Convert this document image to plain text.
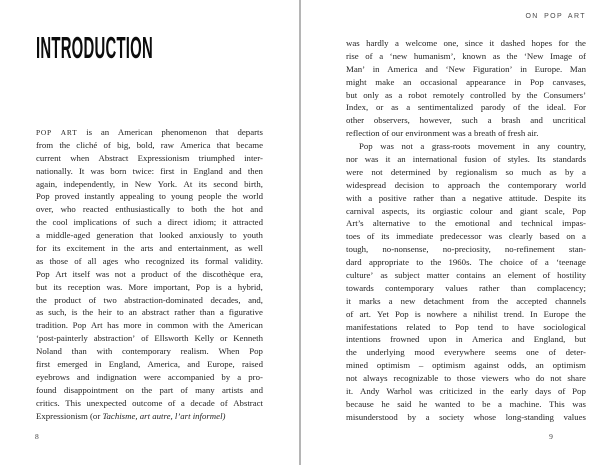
INTRODUCTION
POP ART is an American phenomenon that departs
from the cliché of big, bold, raw America that became
current when Abstract Expressionism triumphed inter-
nationally. It was born twice: first in England and then
again, independently, in New York. At its second birth,
Pop proved instantly appealing to young people the world
over, who reacted enthusiastically to both the hot and
the cool implications of such a direct idiom; it attracted
a middle-aged generation that looked anxiously to youth
for its excitement in the arts and entertainment, as well
as those of all ages who recognized its formal validity.
Pop Art itself was not a product of the discothèque era,
but its reception was. More important, Pop is a hybrid,
the product of two abstraction-dominated decades, and,
as such, is the heir to an abstract rather than a figurative
tradition. Pop Art has more in common with the American
‘post-painterly abstraction’ of Ellsworth Kelly or Kenneth
Noland than with contemporary realism. When Pop
first emerged in England, America, and Europe, raised
eyebrows and indignation were accompanied by a pro-
found disappointment on the part of many artists and
critics. This unexpected outcome of a decade of Abstract
Expressionism (or Tachisme, art autre, l’art informel)
8
ON POP ART
was hardly a welcome one, since it dashed hopes for the
rise of a ‘new humanism’, known as the ‘New Image of
Man’ in America and ‘New Figuration’ in Europe. Man
might make an occasional appearance in Pop canvases,
but only as a robot remotely controlled by the Consumers’
Index, or as a sentimentalized parody of the ideal. For
other observers, however, such a brash and uncritical
reflection of our environment was a breath of fresh air.
Pop was not a grass-roots movement in any country,
nor was it an international fusion of styles. Its standards
were not determined by regionalism so much as by a
widespread decision to approach the contemporary world
with a positive rather than a negative attitude. Despite its
carnival aspects, its orgiastic colour and giant scale, Pop
Art’s alternative to the emotional and technical impas-
toes of its immediate predecessor was clearly based on a
tough, no-nonsense, no-preciosity, no-refinement stan-
dard appropriate to the 1960s. The choice of a ‘teenage
culture’ as subject matter contains an element of hostility
towards contemporary values rather than complacency;
it marks a new detachment from the accepted channels
of art. Yet Pop is nowhere a nihilist trend. In Europe the
manifestations related to Pop tend to have sociological
intentions frowned upon in America and England, but
the underlying mood everywhere seems one of deter-
mined optimism – optimism against odds, an optimism
not always recognizable to those viewers who do not share
it. Andy Warhol was criticized in the early days of Pop
because he said he wanted to be a machine. This was
misunderstood by a society whose long-standing values
9
